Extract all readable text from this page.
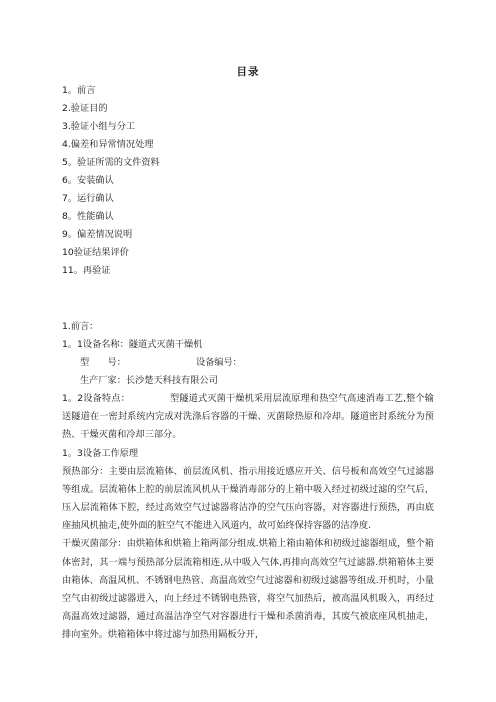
目录
1。前言
2.验证目的
3.验证小组与分工
4.偏差和异常情况处理
5。验证所需的文件资料
6。安装确认
7。运行确认
8。性能确认
9。偏差情况说明
10验证结果评价
11。再验证
1.前言：
1。1设备名称：隧道式灭菌干燥机
型　　号：	设备编号：
生产厂家：长沙楚天科技有限公司

1。2设备特点：	型隧道式灭菌干燥机采用层流原理和热空气高速消毒工艺,整个输送隧道在一密封系统内完成对洗涤后容器的干燥、灭菌除热原和冷却。隧道密封系统分为预热、干燥灭菌和冷却三部分。

1。3设备工作原理

预热部分：主要由层流箱体、前层流风机、指示用接近感应开关、信号板和高效空气过滤器等组成。层流箱体上腔的前层流风机从干燥消毒部分的上箱中吸入经过初级过滤的空气后，压入层流箱体下腔，经过高效空气过滤器将洁净的空气压向容器，对容器进行预热，再由底座抽风机抽走,使外面的脏空气不能进入风道内，故可始终保持容器的洁净度.

干燥灭菌部分：由烘箱体和烘箱上箱两部分组成.烘箱上箱由箱体和初级过滤器组成，整个箱体密封，其一端与预热部分层流箱相连,从中吸入气体,再排向高效空气过滤器.烘箱箱体主要由箱体、高温风机、不锈钢电热管、高温高效空气过滤器和初级过滤器等组成.开机时，小量空气由初级过滤器进入，向上经过不锈钢电热管，将空气加热后，被高温风机吸入，再经过高温高效过滤器，通过高温洁净空气对容器进行干燥和杀菌消毒，其废气被底座风机抽走，排向室外。烘箱箱体中将过滤与加热用隔板分开，
